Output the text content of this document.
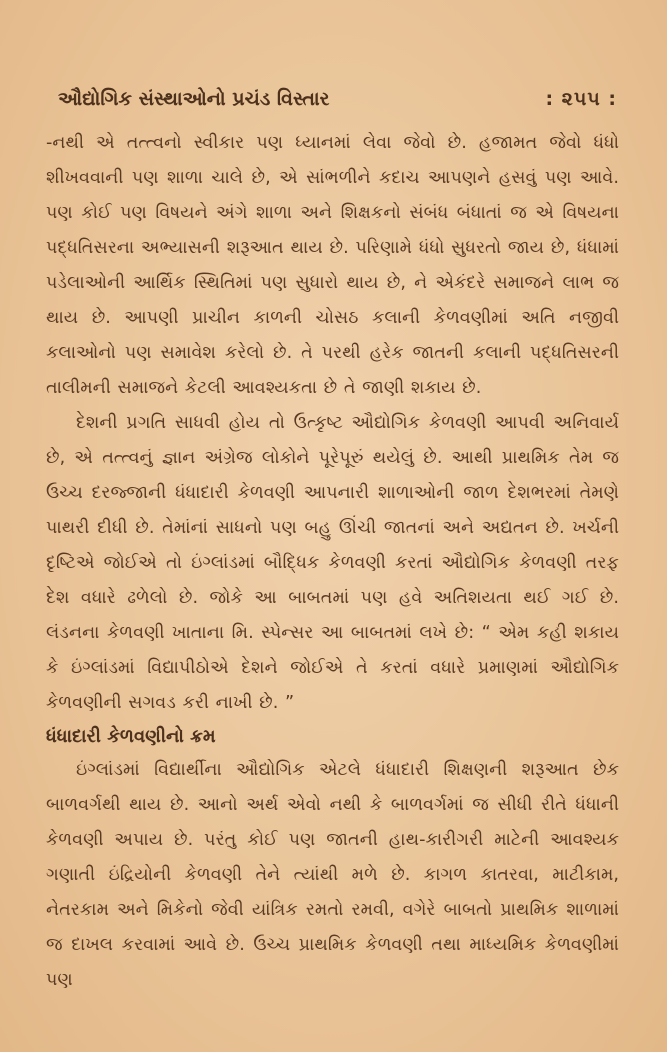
ઔદ્યોગિક સંસ્થાઓનો પ્રચંડ વિસ્તાર	: ૨૫૫ :

-નથી એ તત્ત્વનો સ્વીકાર પણ ધ્યાનમાં લેવા જેવો છે. હજામત જેવો ધંધો શીખવવાની પણ શાળા ચાલે છે, એ સાંભળીને કદાચ આપણને હસવું પણ આવે. પણ કોઈ પણ વિષયને અંગે શાળા અને શિક્ષકનો સંબંધ બંધાતાં જ એ વિષયના પદ્ધતિસરના અભ્યાસની શરૂઆત થાય છે. પરિણામે ધંધો સુધરતો જાય છે, ધંધામાં પડેલાઓની આર્થિક સ્થિતિમાં પણ સુધારો થાય છે, ને એકંદરે સમાજને લાભ જ થાય છે. આપણી પ્રાચીન કાળની ચોસઠ કલાની કેળવણીમાં અતિ નજીવી કલાઓનો પણ સમાવેશ કરેલો છે. તે પરથી હરેક જાતની કલાની પદ્ધતિસરની તાલીમની સમાજને કેટલી આવશ્યકતા છે તે જાણી શકાય છે.

દેશની પ્રગતિ સાધવી હોય તો ઉત્કૃષ્ટ ઔદ્યોગિક કેળવણી આપવી અનિવાર્ય છે, એ તત્ત્વનું જ્ઞાન અંગ્રેજ લોકોને પૂરેપૂરું થયેલું છે. આથી પ્રાથમિક તેમ જ ઉચ્ચ દરજ્જાની ધંધાદારી કેળવણી આપનારી શાળાઓની જાળ દેશભરમાં તેમણે પાથરી દીધી છે. તેમાંનાં સાધનો પણ બહુ ઊંચી જાતનાં અને અદ્યતન છે. ખર્ચની દૃષ્ટિએ જોઈએ તો ઇંગ્લાંડમાં બૌદ્ધિક કેળવણી કરતાં ઔદ્યોગિક કેળવણી તરફ દેશ વધારે ઢળેલો છે. જોકે આ બાબતમાં પણ હવે અતિશયતા થઈ ગઈ છે. લંડનના કેળવણી ખાતાના મિ. સ્પેન્સર આ બાબતમાં લખે છે: “ એમ કહી શકાય કે ઇંગ્લાંડમાં વિદ્યાપીઠોએ દેશને જોઈએ તે કરતાં વધારે પ્રમાણમાં ઔદ્યોગિક કેળવણીની સગવડ કરી નાખી છે. ”

ધંધાદારી કેળવણીનો ક્રમ

ઇંગ્લાંડમાં વિદ્યાર્થીના ઔદ્યોગિક એટલે ધંધાદારી શિક્ષણની શરૂઆત છેક બાળવર્ગથી થાય છે. આનો અર્થ એવો નથી કે બાળવર્ગમાં જ સીધી રીતે ધંધાની કેળવણી અપાય છે. પરંતુ કોઈ પણ જાતની હાથ-કારીગરી માટેની આવશ્યક ગણાતી ઇંદ્રિયોની કેળવણી તેને ત્યાંથી મળે છે. કાગળ કાતરવા, માટીકામ, નેતરકામ અને મિકેનો જેવી યાંત્રિક રમતો રમવી, વગેરે બાબતો પ્રાથમિક શાળામાં જ દાખલ કરવામાં આવે છે. ઉચ્ચ પ્રાથમિક કેળવણી તથા માધ્યમિક કેળવણીમાં પણ
